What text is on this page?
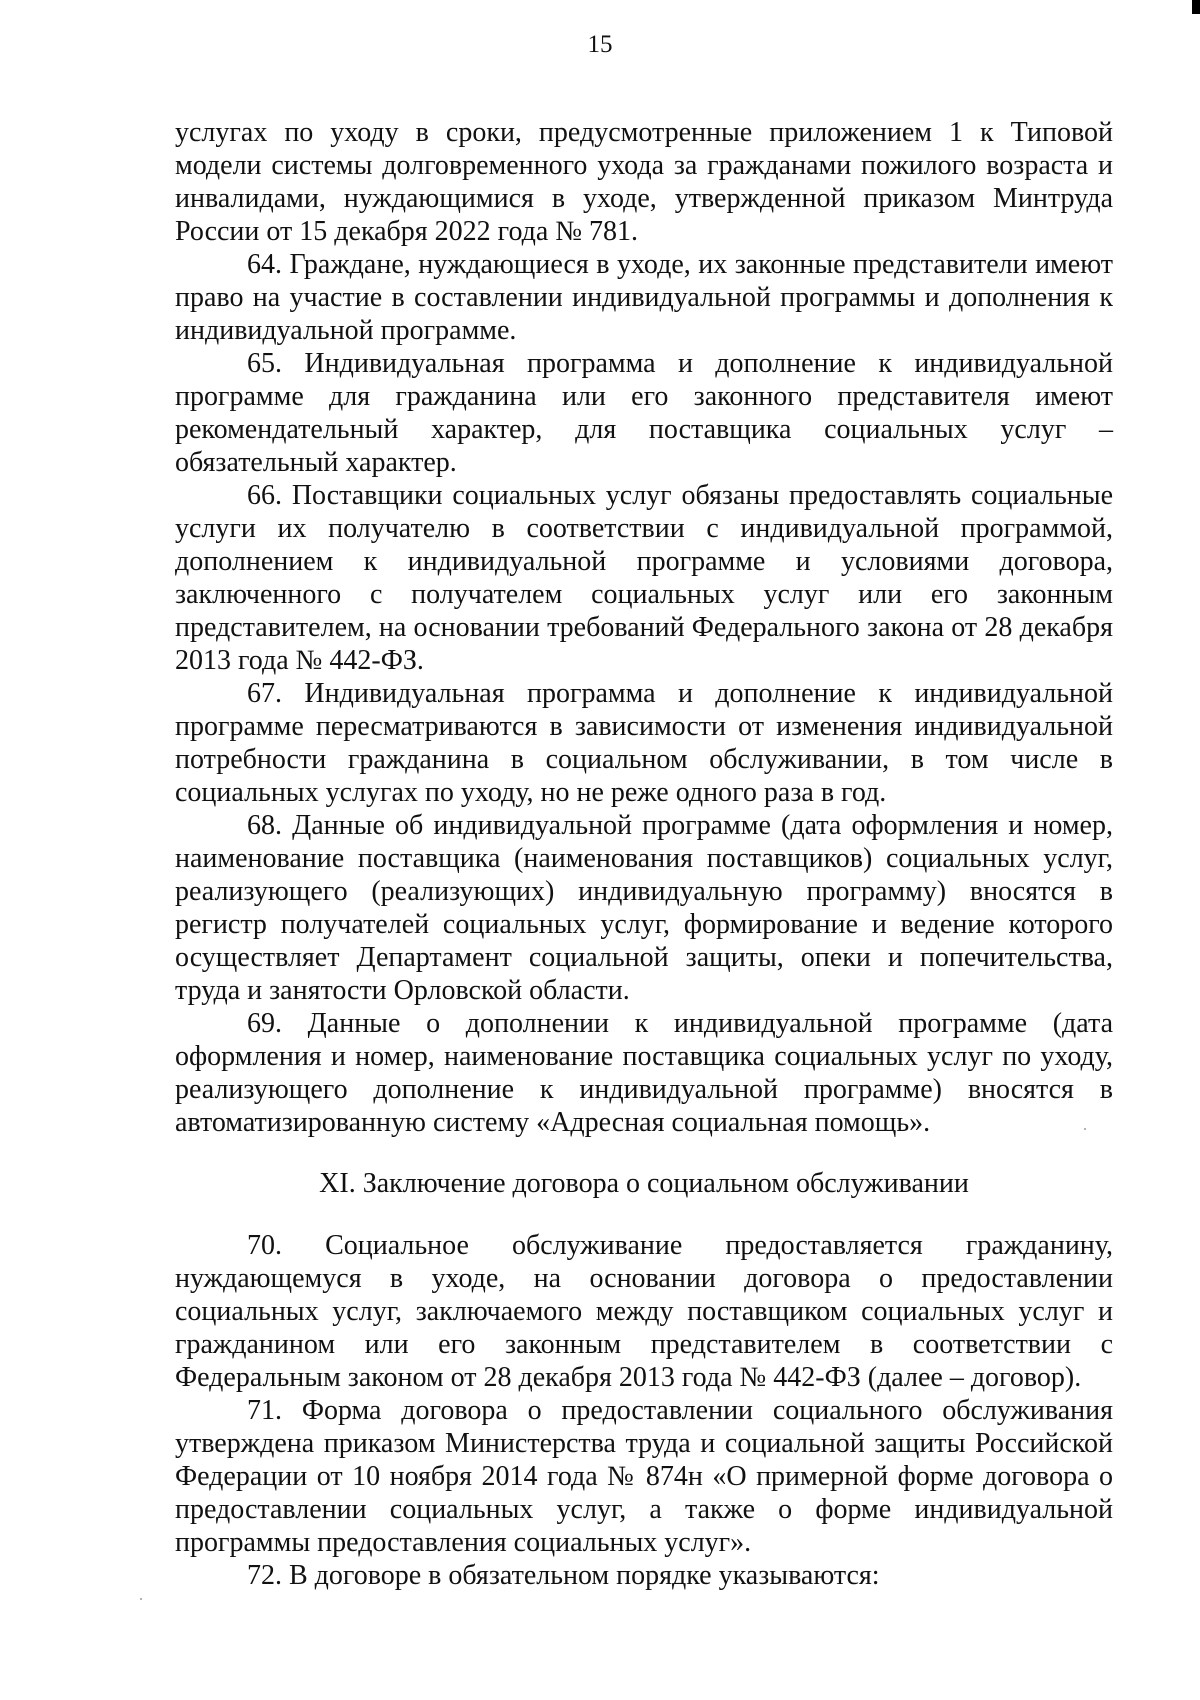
15

услугах по уходу в сроки, предусмотренные приложением 1 к Типовой модели системы долговременного ухода за гражданами пожилого возраста и инвалидами, нуждающимися в уходе, утвержденной приказом Минтруда России от 15 декабря 2022 года № 781.

64. Граждане, нуждающиеся в уходе, их законные представители имеют право на участие в составлении индивидуальной программы и дополнения к индивидуальной программе.

65. Индивидуальная программа и дополнение к индивидуальной программе для гражданина или его законного представителя имеют рекомендательный характер, для поставщика социальных услуг – обязательный характер.

66. Поставщики социальных услуг обязаны предоставлять социальные услуги их получателю в соответствии с индивидуальной программой, дополнением к индивидуальной программе и условиями договора, заключенного с получателем социальных услуг или его законным представителем, на основании требований Федерального закона от 28 декабря 2013 года № 442-ФЗ.

67. Индивидуальная программа и дополнение к индивидуальной программе пересматриваются в зависимости от изменения индивидуальной потребности гражданина в социальном обслуживании, в том числе в социальных услугах по уходу, но не реже одного раза в год.

68. Данные об индивидуальной программе (дата оформления и номер, наименование поставщика (наименования поставщиков) социальных услуг, реализующего (реализующих) индивидуальную программу) вносятся в регистр получателей социальных услуг, формирование и ведение которого осуществляет Департамент социальной защиты, опеки и попечительства, труда и занятости Орловской области.

69. Данные о дополнении к индивидуальной программе (дата оформления и номер, наименование поставщика социальных услуг по уходу, реализующего дополнение к индивидуальной программе) вносятся в автоматизированную систему «Адресная социальная помощь».

XI. Заключение договора о социальном обслуживании

70. Социальное обслуживание предоставляется гражданину, нуждающемуся в уходе, на основании договора о предоставлении социальных услуг, заключаемого между поставщиком социальных услуг и гражданином или его законным представителем в соответствии с Федеральным законом от 28 декабря 2013 года № 442-ФЗ (далее – договор).

71. Форма договора о предоставлении социального обслуживания утверждена приказом Министерства труда и социальной защиты Российской Федерации от 10 ноября 2014 года № 874н «О примерной форме договора о предоставлении социальных услуг, а также о форме индивидуальной программы предоставления социальных услуг».

72. В договоре в обязательном порядке указываются:
